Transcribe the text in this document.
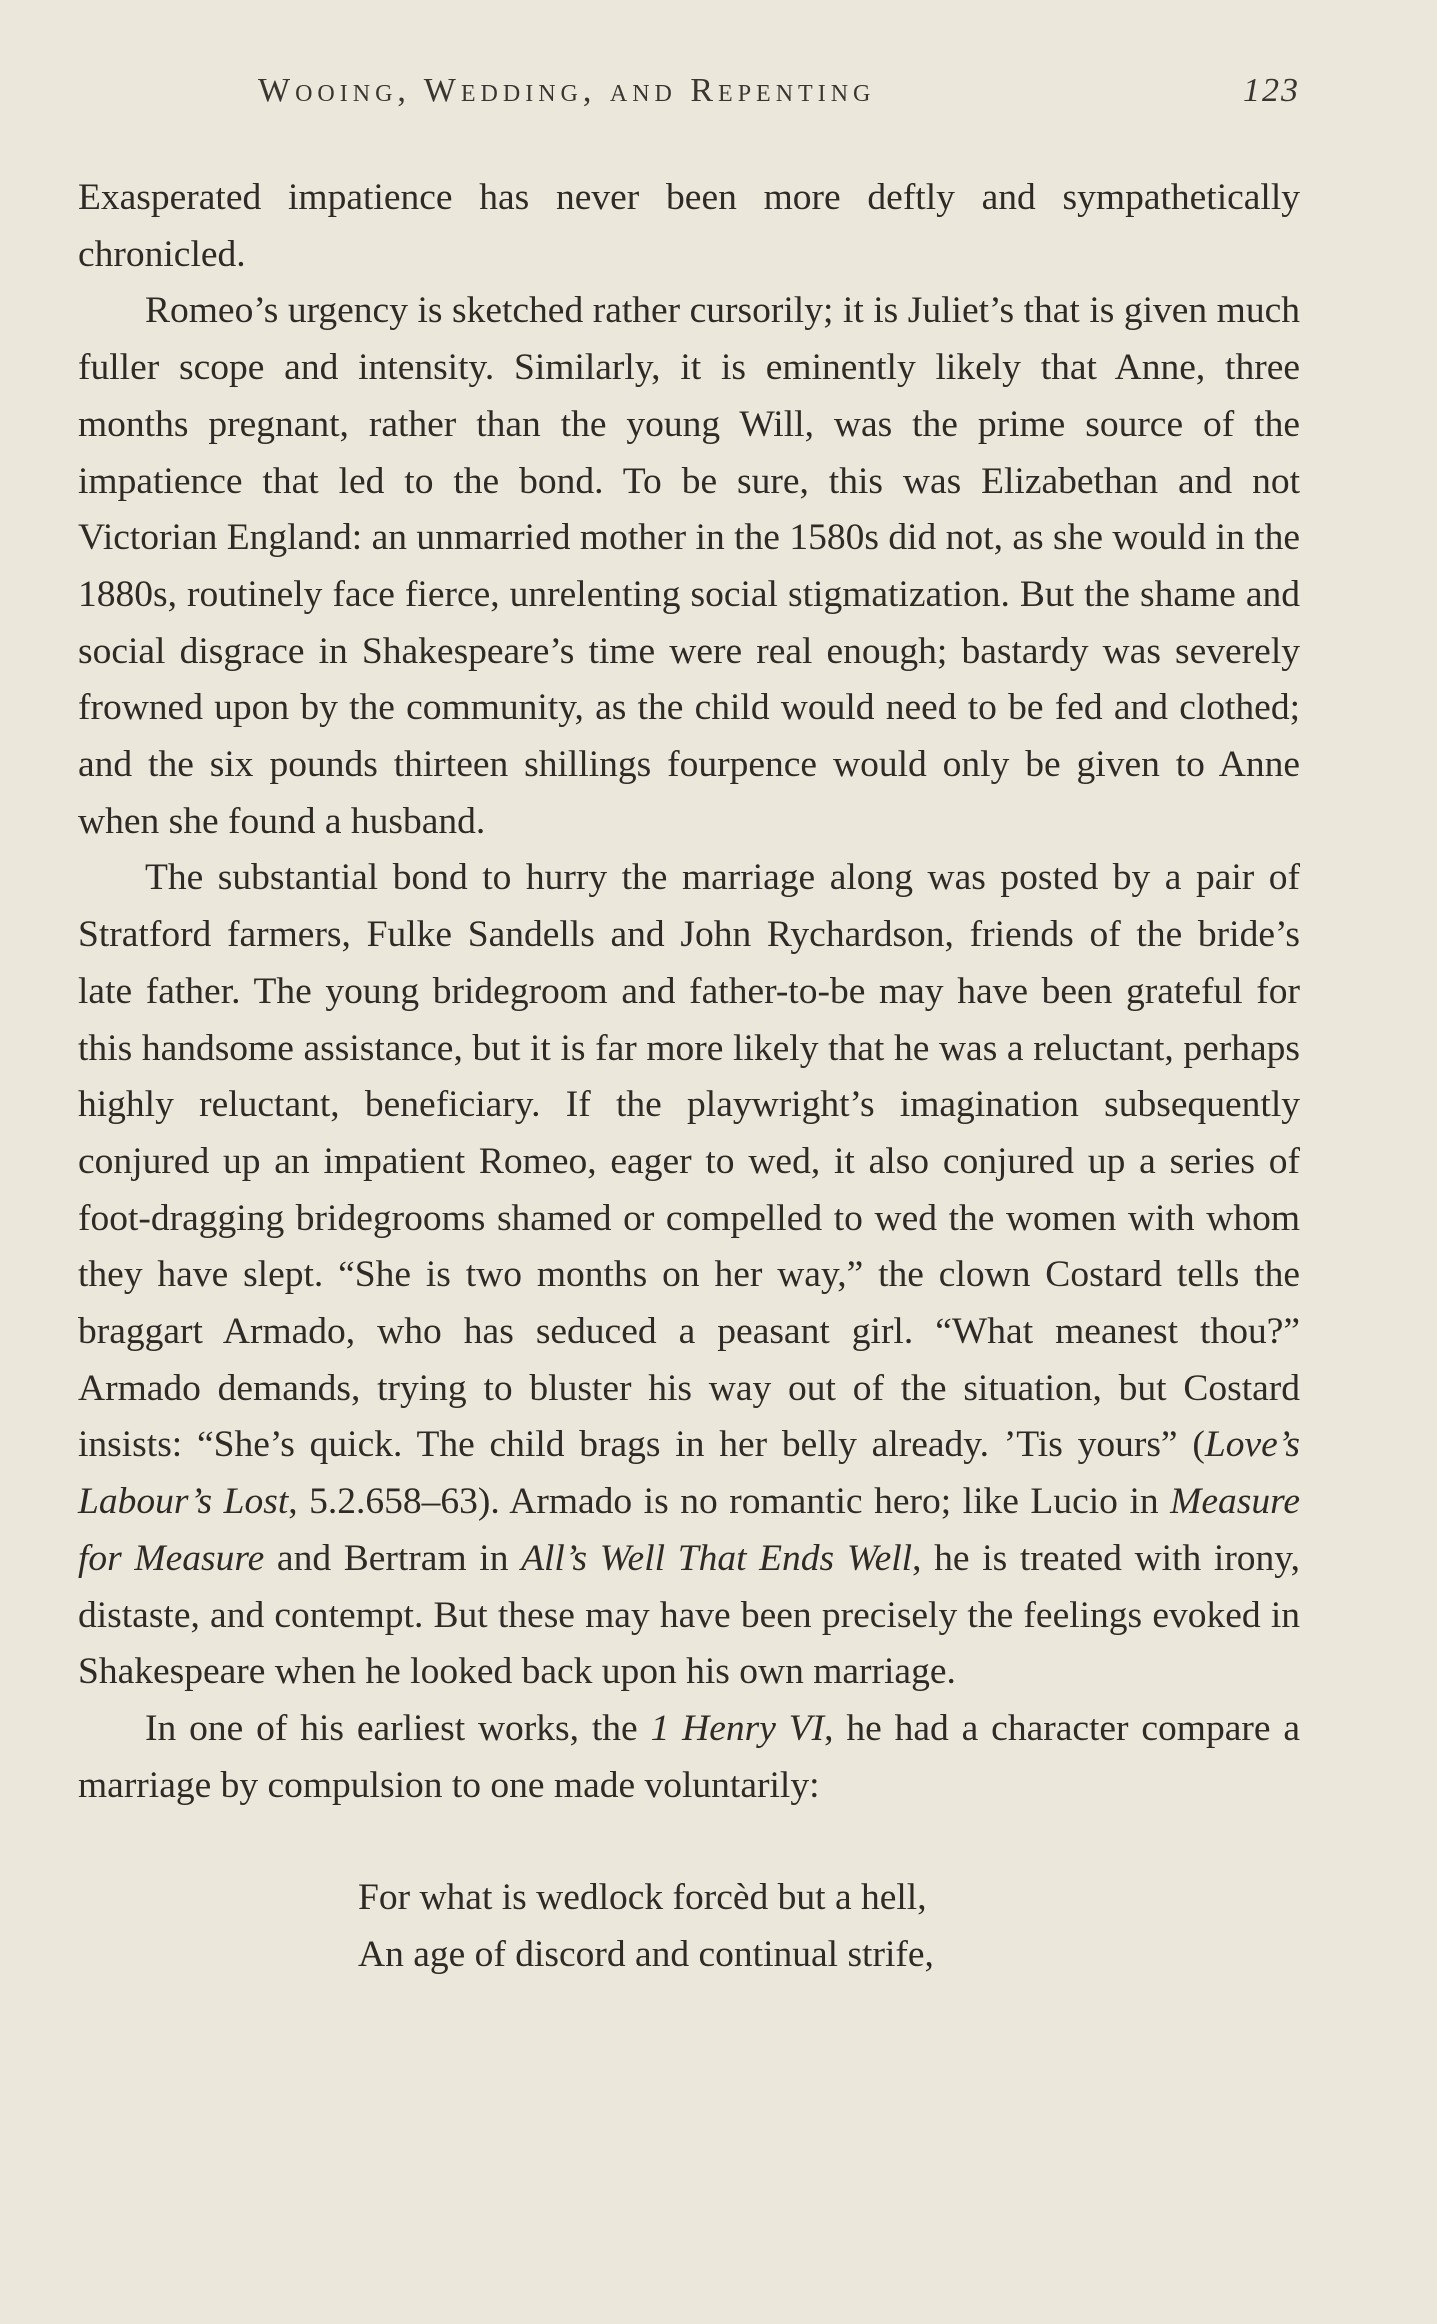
Wooing, Wedding, and Repenting	123

Exasperated impatience has never been more deftly and sympathetically chronicled.

Romeo’s urgency is sketched rather cursorily; it is Juliet’s that is given much fuller scope and intensity. Similarly, it is eminently likely that Anne, three months pregnant, rather than the young Will, was the prime source of the impatience that led to the bond. To be sure, this was Elizabethan and not Victorian England: an unmarried mother in the 1580s did not, as she would in the 1880s, routinely face fierce, unrelenting social stigmatization. But the shame and social disgrace in Shakespeare’s time were real enough; bastardy was severely frowned upon by the community, as the child would need to be fed and clothed; and the six pounds thirteen shillings fourpence would only be given to Anne when she found a husband.

The substantial bond to hurry the marriage along was posted by a pair of Stratford farmers, Fulke Sandells and John Rychardson, friends of the bride’s late father. The young bridegroom and father-to-be may have been grateful for this handsome assistance, but it is far more likely that he was a reluctant, perhaps highly reluctant, beneficiary. If the playwright’s imagination subsequently conjured up an impatient Romeo, eager to wed, it also conjured up a series of foot-dragging bridegrooms shamed or compelled to wed the women with whom they have slept. “She is two months on her way,” the clown Costard tells the braggart Armado, who has seduced a peasant girl. “What meanest thou?” Armado demands, trying to bluster his way out of the situation, but Costard insists: “She’s quick. The child brags in her belly already. ’Tis yours” (Love’s Labour’s Lost, 5.2.658–63). Armado is no romantic hero; like Lucio in Measure for Measure and Bertram in All’s Well That Ends Well, he is treated with irony, distaste, and contempt. But these may have been precisely the feelings evoked in Shakespeare when he looked back upon his own marriage.

In one of his earliest works, the 1 Henry VI, he had a character compare a marriage by compulsion to one made voluntarily:

For what is wedlock forcèd but a hell,
An age of discord and continual strife,
